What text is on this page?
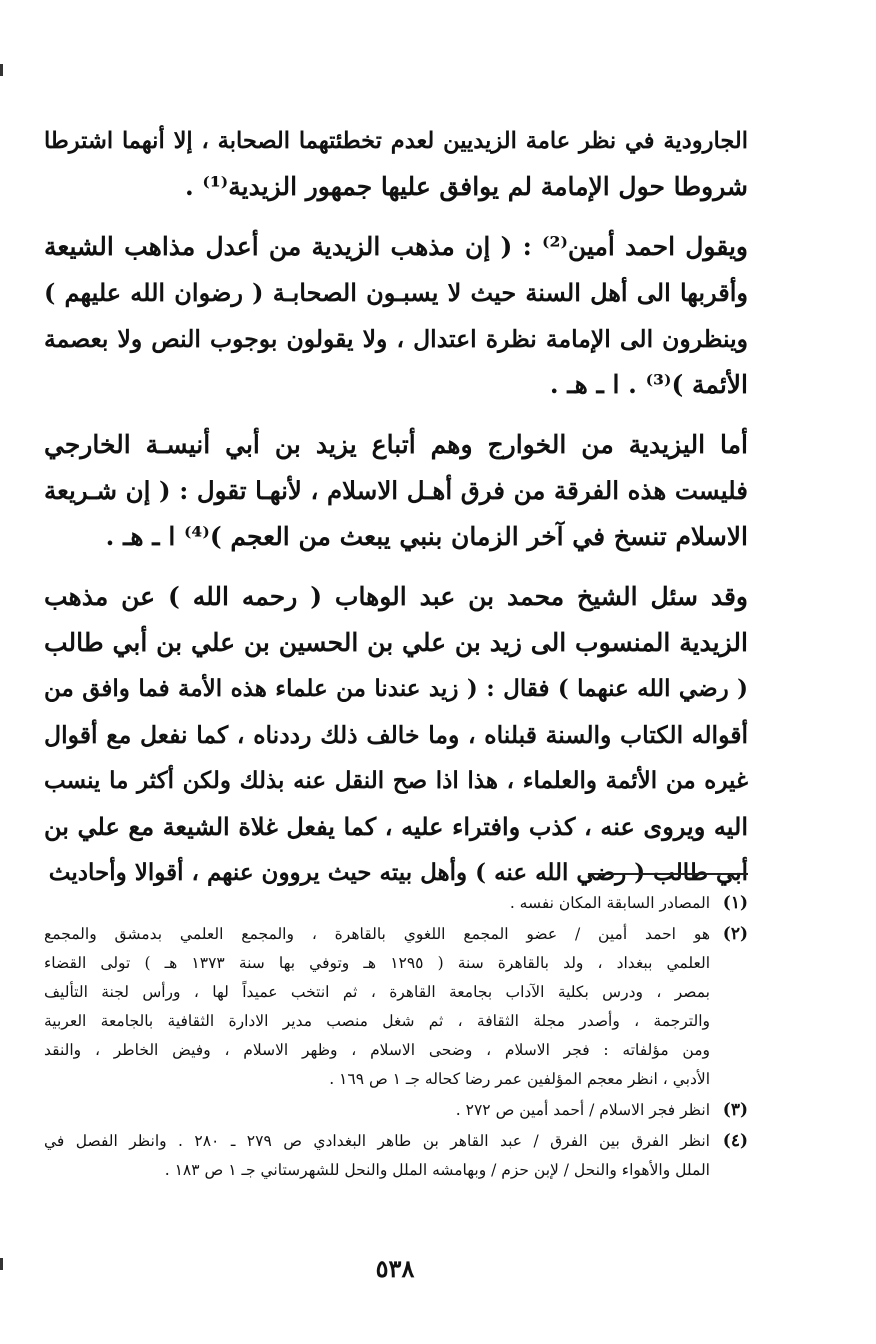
الجارودية في نظر عامة الزيديين لعدم تخطئتهما الصحابة ، إلا أنهما اشترطا
شروطا حول الإمامة لم يوافق عليها جمهور الزيدية⁽¹⁾ .
ويقول احمد أمين⁽²⁾ : ( إن مذهب الزيدية من أعدل مذاهب الشيعة
وأقربها الى أهل السنة حيث لا يسبـون الصحابـة ( رضوان الله عليهم )
وينظرون الى الإمامة نظرة اعتدال ، ولا يقولون بوجوب النص ولا بعصمة
الأئمة )⁽³⁾ . ا ـ هـ .
أما اليزيدية من الخوارج وهم أتباع يزيد بن أبي أنيسـة الخارجي
فليست هذه الفرقة من فرق أهـل الاسلام ، لأنهـا تقول : ( إن شـريعة
الاسلام تنسخ في آخر الزمان بنبي يبعث من العجم )⁽⁴⁾ ا ـ هـ .
وقد سئل الشيخ محمد بن عبد الوهاب ( رحمه الله ) عن مذهب
الزيدية المنسوب الى زيد بن علي بن الحسين بن علي بن أبي طالب
( رضي الله عنهما ) فقال : ( زيد عندنا من علماء هذه الأمة فما وافق من
أقواله الكتاب والسنة قبلناه ، وما خالف ذلك رددناه ، كما نفعل مع أقوال
غيره من الأئمة والعلماء ، هذا اذا صح النقل عنه بذلك ولكن أكثر ما ينسب
اليه ويروى عنه ، كذب وافتراء عليه ، كما يفعل غلاة الشيعة مع علي بن
أبي طالب ( رضي الله عنه ) وأهل بيته حيث يروون عنهم ، أقوالا وأحاديث
(١)
المصادر السابقة المكان نفسه .
(٢)
هو احمد أمين / عضو المجمع اللغوي بالقاهرة ، والمجمع العلمي بدمشق والمجمع
العلمي ببغداد ، ولد بالقاهرة سنة ( ١٢٩٥ هـ وتوفي بها سنة ١٣٧٣ هـ ) تولى القضاء
بمصر ، ودرس بكلية الآداب بجامعة القاهرة ، ثم انتخب عميداً لها ، ورأس لجنة التأليف
والترجمة ، وأصدر مجلة الثقافة ، ثم شغل منصب مدير الادارة الثقافية بالجامعة العربية
ومن مؤلفاته : فجر الاسلام ، وضحى الاسلام ، وظهر الاسلام ، وفيض الخاطر ، والنقد
الأدبي ، انظر معجم المؤلفين عمر رضا كحاله جـ ١ ص ١٦٩ .
(٣)
انظر فجر الاسلام / أحمد أمين ص ٢٧٢ .
(٤)
انظر الفرق بين الفرق / عبد القاهر بن طاهر البغدادي ص ٢٧٩ ـ ٢٨٠ . وانظر الفصل في
الملل والأهواء والنحل / لإبن حزم / وبهامشه الملل والنحل للشهرستاني جـ ١ ص ١٨٣ .
٥٣٨
